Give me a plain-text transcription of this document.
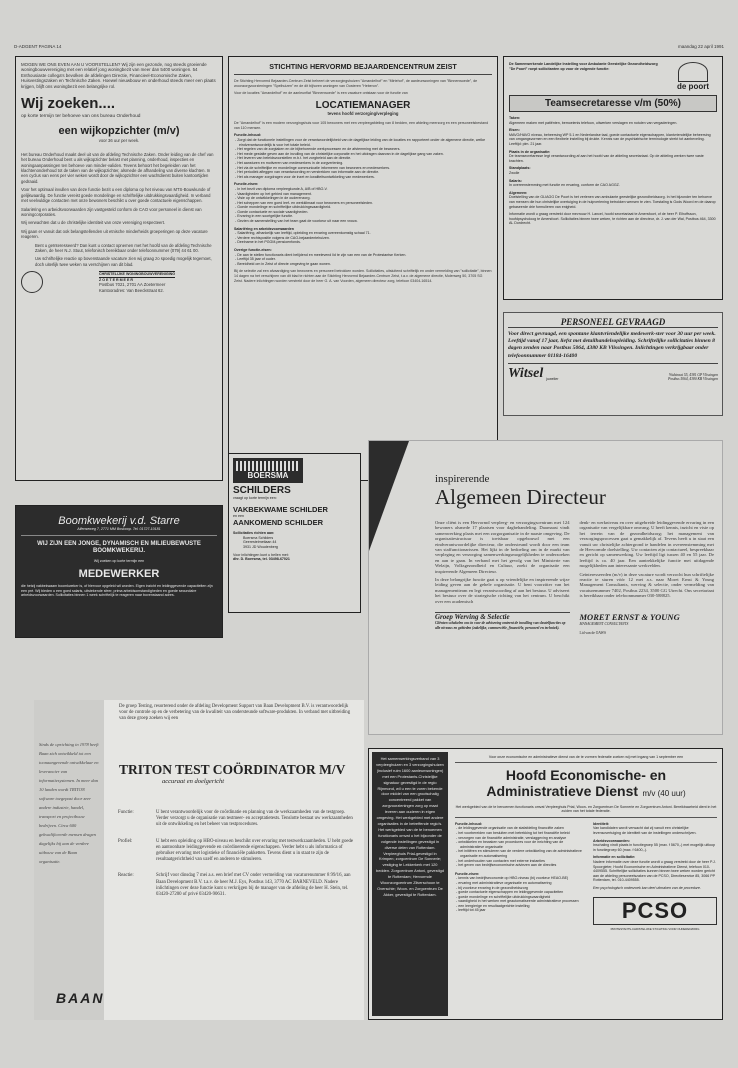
D-ADGENT PAGINA 14	maandag 22 april 1991

MOGEN WE ONS EVEN AAN U VOORSTELLEN? Wij zijn een gezonde, nog steeds groeiende woningbouwvereniging met een relatief jong woningbezit van meer dan 5400 woningen. 54 Enthousiaste collega's bevolken de afdelingen Directie, Financieel-Economische Zaken, Huisvestingszaken en Technische Zaken. Hoewel nieuwbouw en onderhoud steeds meer een plaats krijgen, blijft ons woningbezit een belangrijke rol.

Wij zoeken....

op korte termijn ter behoeve van ons bureau Onderhoud

een wijkopzichter (m/v)
voor 36 uur per week.

Het bureau Onderhoud maakt deel uit van de afdeling Technische Zaken. Onder leiding van de chef van het bureau Onderhoud bent u als wijkopzichter belast met planning, onderhoud, inspecties en woningaanpassingen ten behoeve van minder-validen. Tevens behoort het begeleiden van het klachtenonderhoud tot de taken van de wijkopzichter, alsmede de afhandeling van diverse klachten. In een cyclus van eens per vier weken wordt door de wijkopzichter een wachtdienst buiten kantoortijden gedraaid.

Voor het optimaal invullen van deze functie bezit u een diploma op het niveau van MTS-Bouwkunde of gelijkwaardig. De functie vereist goede mondelinge en schriftelijke uitdrukkingsvaardigheid. In verband met veelvuldige contacten met onze bewoners beschikt u over goede contactuele eigenschappen.

Salariëring en arbeidsvoorwaarden zijn vastgesteld conform de CAO voor personeel in dienst van woningcorporaties.

Wij verwachten dat u de christelijke identiteit van onze vereniging respecteert.

Wij gaan er vanuit dat ook belangstellenden uit etnische minderheids groeperingen op deze vacature reageren.

Bent u geïnteresseerd? Dan kunt u contact opnemen met het hoofd van de afdeling Technische Zaken, de heer N.J. Stuut, telefonisch bereikbaar onder telefoonnummer (079) 44 61 00.

Uw schriftelijke reactie op bovenstaande vacature zien wij graag zo spoedig mogelijk tegemoet, doch uiterlijk twee weken na verschijnen van dit blad.

CHRISTELIJKE WONINGBOUWVERENIGING
Z O E T E R M E E R
Postbus 7021, 2701 AA Zoetermeer
Kantooradres: Van Beeckstraat 62.
STICHTING HERVORMD BEJAARDENCENTRUM ZEIST

De Stichting Hervormd Bejaarden-Centrum Zeist beheert de verzorgingshuizen "Amandelhof" en "Mirtehof", de aanleunwoningen van "Binnenwoede", de woonzorgvoorzieningen "Spelhuizen" en de dit bijhoren woningen van Oosteren "Heberon".

Voor de locaties "Amandelhof" en de aanleunflat "Binnenwoede" is een vacature ontstaan voor de functie van

LOCATIEMANAGER
tevens hoofd verzorging/verpleging

De "Amandelhof" is een modern verzorgingshuis voor 105 bewoners met een verpleegafdeling van 8 bedden, een afdeling meerzorg en een personeelsbestand van 110 mensen.

Functie-inhoud:
- Zorgt dat de functionele instellingen voor de verantwoordelijkheid van de dagelijkse leiding van de locaties en rapporteert onder de algemene directie, welke eindverantwoordelijk is voor het totale beleid.
- Het regelen van de zorgtaken en de bijbehorende werkprocessen en de afstemming met de bewoners.
- Het mede gestalte geven aan de invulling van de christelijke corporatie en het uitdragen daarvan in de dagelijkse gang van zaken.
- Het leveren van beleidsvoorstellen m.b.t. het zorgbeleid aan de directie.
- Het aansturen en motiveren van medewerkers in de zorgverlening.
- Het via de schriftelijke en mondelinge communicatie informeren van bewoners en medewerkers.
- Het periodiek afleggen van verantwoording en verstrekken van informatie aan de directie.
- Het als manager zorgdragen voor de inzet en kwaliteitsontwikkeling van medewerkers.
Functie-eisen:
- In het bezit van diploma verpleegkunde A, A/B of HBO-V.
- Vaardigheden op het gebied van management.
- Visie op de ontwikkelingen in de ouderenzorg.
- Het scheppen van een goed leef- en werkklimaat voor bewoners en personeelsleden.
- Goede mondelinge en schriftelijke uitdrukkingsvaardigheid.
- Goede contactuele en sociale vaardigheden.
- Ervaring in een soortgelijke functie.
- Gezien de samenstelling van het team gaat de voorkeur uit naar een vrouw.
Salariëring en arbeidsvoorwaarden
- Salariëring, afhankelijk van leeftijd, opleiding en ervaring overeenkomstig schaal 71.
- Verdere rechtspositie volgens de CAO-bejaardentehuizen.
- Deelname in het PGGM-pensioenfonds.
Overige functie-eisen:
- De aan te stellen functionaris dient belijdend en meelevend lid te zijn van een van de Protestantse Kerken.
- Leeftijd 35 jaar of ouder.
- Bereidheid om in Zeist of directe omgeving te gaan wonen.

Bij de selectie zal een afvaardiging van bewoners en personeel betrokken worden. Sollicitaties, uitsluitend schriftelijk en onder vermelding van "sollicitatie", binnen 14 dagen na het verschijnen van dit blad te richten aan de Stichting Hervormd Bejaarden-Centrum Zeist, t.a.v. de algemene directie, Molenweg 50, 3705 SG Zeist. Nadere inlichtingen worden verstrekt door de heer G. A. van Voorden, algemeen directeur zorg, telefoon 03404-16514.

De Samenwerkende Landelijke Instelling voor Ambulante Geestelijke Gezondheidszorg "De Poort" roept sollicitanten op voor de volgende functie:

de poort
Teamsecretaresse v/m (50%)
Taken:

Algemeen maken met patiënten, bemoeienis telefoon, uitwerken verslagen en notulen van vergaderingen.

Eisen:

MAVO/HAVO niveau, beheersing WP 5.1 en Nederlandse taal, goede contactuele eigenschappen, klantvriendelijke beheersing van omgangsvormen en een flexibele instelling bij drukte. Kennis van de psychiatrische terminologie strekt tot aanbeveling. Leeftijd: plm. 21 jaar.

Plaats in de organisatie:

De teamsecretaresse legt verantwoording af aan het hoofd van de afdeling secretariaat. Op de afdeling werken twee vaste krachten.

Standplaats:

Zwolle

Salaris:

In overeenstemming met functie en ervaring, conform de CAO AGGZ.

Algemeen:

Doelstelling van de GLIAGG De Poort is het verlenen van ambulante geestelijke gezondheidszorg. In het bijzonder ten behoeve van mensen die hun christelijke overtuiging in de hulpverlening betrokken wensen te zien. Toestaling is Gods Woord en de daarop gebaseerde drie formulieren van enigheid.

Informatie wordt u graag verstrekt door mevrouw H. Lancel, hoofd secretariaat te Amersfoort, of de heer P. Elhoffsson, hoofdpsycholoog te Amersfoort. Sollicitaties binnen twee weken, te richten aan de directeur, dr. J. van der Wal, Postbus 464, 3300 AL Dordrecht.

PERSONEEL GEVRAAGD

Voor direct gevraagd, een spontane klantvriendelijke medewerk-ster voor 30 uur per week. Leeftijd vanaf 17 jaar, liefst met detailhandelsopleiding. Schriftelijke sollicitaties binnen 8 dagen zenden naar Postbus 5064, 4380 KB Vlissingen. Inlichtingen verkrijgbaar onder telefoonnummer 01184-16400

Witsel juwelier
Walstraat 55, 4381 GP Vlissingen
Postbus 5064, 4380 KB Vlissingen
Boomkwekerij v.d. Starre
Alfenseweg 7, 2771 MM Boskoop. Tel. 01727-10181
WIJ ZIJN EEN JONGE, DYNAMISCH EN MILIEUBEWUSTE BOOMKWEKERIJ.
Wij zoeken op korte termijn een
MEDEWERKER

die hetzij vakbekwaam boomkweker is, of hiervoor opgeleid wil worden. Eigen inzicht en leidinggevende capaciteiten zijn een pré. Wij bieden u een goed salaris, uitstekende sfeer, prima arbeidsomstandigheden en goede secundaire arbeidsvoorwaarden. Sollicitaties binnen 1 week schriftelijk te reageren naar bovenstaand adres.

BOERSMA
SCHILDERS
vraagt op korte termijn een:
VAKBEKWAME SCHILDER
en een
AANKOMEND SCHILDER
Sollicitaties richten aan:
Boersma Schilders
Geerestelmetlaan 44
3931 JD Woudenberg
Voor inlichtingen kunt u bellen met:
dhr. D. Boersma, tel. 03498-67021
inspirerende
Algemeen Directeur

Onze cliënt is een Hervormd verpleeg- en verzorgingscentrum met 124 bewoners alsmede 17 plaatsen voor dagbehandeling. Daarnaast vindt samenwerking plaats met een zorgorganisatie in de naaste omgeving. De organisatiestructuur is toetsbaar opgebouwd met een eindverantwoordelijke directeur, die ondersteund wordt door een team van staffunctionarissen. Het lijkt in de bedoeling om in de markt van verpleging en verzorging samenwerkingsmogelijkheden te onderzoeken en aan te gaan. In verband met het gevolg van het Ministerie van Welzijn, Volksgezondheid en Cultuur, zoekt de organisatie een inspirerende Algemeen Directeur.

In deze belangrijke functie gaat u op vriendelijke en inspirerende wijze leiding geven aan de gehele organisatie. U bent voorzitter van het managementteam en legt verantwoording af aan het bestuur. U adviseert het bestuur over de strategische richting van het centrum. U beschikt over een academisch

denk- en werkniveau en over uitgebreide leidinggevende ervaring in een organisatie van vergelijkbare omvang. U heeft kennis, inzicht en visie op het terrein van de gezondheidszorg; het management van verzorgingsprocessen gaat u gemakkelijk af. Tevens heeft u in staat een vanuit uw christelijke achtergrond te handelen in overeenstemming met de Hervormde doelstelling. Uw contacten zijn contactueel, bespreekbaar en gericht op samenwerking. Uw leeftijd ligt tussen 40 en 55 jaar. De leeftijd is ca. 40 jaar. Een aantrekkelijke functie met uitdagende mogelijkheden aan interessante werkvelden.

Geïnteresseerden (m/v) in deze vacature wordt verzocht hun schriftelijke reactie te sturen vóór 12 mei a.s. naar Moret Ernst & Young Management Consultants, werving & selectie, onder vermelding van vacaturenummer 7402, Postbus 2234, 3500 GG Utrecht. Ons secretariaat is bereikbaar onder telefoonnummer 030-588825.

Groep Werving & Selectie

Cliënten schakelen ons in voor de advisering omtrent de invulling van sleutelfuncties op alle niveaus en gebieden (zakelijke, commerciële, financiële, personeel en techniek).

MORET ERNST & YOUNG
MANAGEMENT CONSULTANTS
Lid van de OAWS

Sinds de oprichting in 1978 heeft Baan zich ontwikkeld tot een toonaangevende ontwikkelaar en leverancier van informatiesystemen. In meer dan 10 landen wordt TRITON software toegepast door zeer andere industrie, handel, transport en projectbouw bedrijven. Circa 600 gekwalificeerde mensen dragen dagelijks bij aan de verdere uitbouw van de Baan organisatie.

De groep Testing, resorterend onder de afdeling Development Support van Baan Development B.V. is verantwoordelijk voor de controle op en de verbetering van de kwaliteit van ondersteunde software-produkten. In verband met uitbreiding van deze groep zoeken wij een

TRITON TEST COÖRDINATOR M/V
accuraat en doelgericht
Functie:	U bent verantwoordelijk voor de coördinatie en planning van de werkzaamheden van de testgroep. Verder verzorgt u de organisatie van testmeer- en acceptatietests. Tenslotte bestaat uw werkzaamheden uit de ontwikkeling en het beheer van testprocedures.

Profiel:	U hebt een opleiding op HBO-niveau en beschikt over ervaring met testwerkzaamheden. U hebt goede en aantoonbare leidinggevende en coördinerende eigenschappen. Verder hebt u als informatica of gebruiker ervaring met logistieke of financiële pakketten. Tevens dient u in staat te zijn de resultaatgerichtheid van uzelf en anderen te stimuleren.

Reactie:	Schrijf voor dinsdag 7 mei a.s. een brief met CV onder vermelding van vacaturenummer 8 99/16, aan Baan Development B.V. t.a.v. de heer M.J. Eys, Postbus 143, 3770 AC BARNEVELD. Nadere inlichtingen over deze functie kunt u verkrijgen bij de manager van de afdeling de heer H. Stein, tel. 03420-27200 of privé 03420-90631.

BAAN

Het samenwerkingsverband van 3 verpleeghuizen en 3 verzorgingshuizen (inclusief ruim 1600 aanleunwoningen) met een Protestants-Christelijke signatuur gevestigd in de regio Rijnmond, wil u een te voren bekende door middel van een grootschalig concentreerd pakket van zorgvoorzieningen zorg op maat leveren aan ouderen in eigen omgeving. Het werkgebied met andere organisaties in de betreffende regio's. Het werkgebied van de te benoemen functionaris omvat u het bijzonder de volgende instellingen gevestigd in diverse delen van Rotterdam. Verpleeghuis PriaLgevestigd in Krimpen; zorgcentrum De Sonnerie; vestiging te Lekkerkerk met 120 bedden. Zorgcentrum Antoni, gevestigd te Rotterdam; Hervormde Woonzorgcentrum Zilverschoon te Overschie; Woon- en Zorgcentrum De Akker, gevestigd te Rotterdam.

Voor onze economische en administratieve dienst van de te vormen federatie zoeken wij met ingang van 1 september een

Hoofd Economische- en
Administratieve Dienst m/v (40 uur)

Het werkgebied van de te benoemen functionaris omvat Verpleeghuis Prial, Woon- en Zorgcentrum De Sonnerie en Zorgcentrum Antoni. Bereikbaarheid dient in het zuiden van het totale federatie.

Functie-inhoud:
- de leidinggevende organisatie van de stafafdeling financiële zaken
- het voorbereiden van besluiten met betrekking tot het financiële beleid
- verzorgen van de financiële administratie, verslaggeving en analyse
- ontwikkelen en bewaken van procedures voor de inrichting van de administratieve organisatie
- het initiëren en stimuleren van de verdere ontwikkeling van de administratieve organisatie en automatisering
- het onderhouden van contacten met externe instanties
- het geven van bedrijfseconomische adviezen aan de directies
Functie-eisen:
- kennis van bedrijfseconomie op HBO-niveau (bij voorkeur HEAO-BE)
- ervaring met administratieve organisatie en automatisering
- bij voorkeur ervaring in de gezondheidszorg
- goede contactuele eigenschappen en leidinggevende capaciteiten
- goede mondelinge en schriftelijke uitdrukkingsvaardigheid
- vaardigheid in het werken met geautomatiseerde administratieve processen
- een leergierige en resultaatgerichte instelling
- leeftijd tot 45 jaar
Identiteit:

Van kandidaten wordt verwacht dat zij vanuit een christelijke levensovertuiging de identiteit van de instellingen onderschrijven.

Arbeidsvoorwaarden:

Inschaling vindt plaats in functiegroep 55 (max. f 5670,-) met mogelijk uitloop in functiegroep 60 (max. f 6400,-).

Informatie en sollicitatie:

Nadere informatie over deze functie wordt u graag verstrekt door de heer P.J. Spoorgieter, Hoofd Economische en Administratieve Dienst, telefoon 010-4409555. Schriftelijke sollicitaties kunnen binnen twee weken worden gericht aan de afdeling personeelszaken van de PCSO, Directieservice 85, 3066 PP Rotterdam, tel. 010-4409555.

Een psychologisch onderzoek kan deel uitmaken van de procedure.

PCSO
PROTESTANTS-CHRISTELIJKE STICHTING VOOR OUDERENZORG
